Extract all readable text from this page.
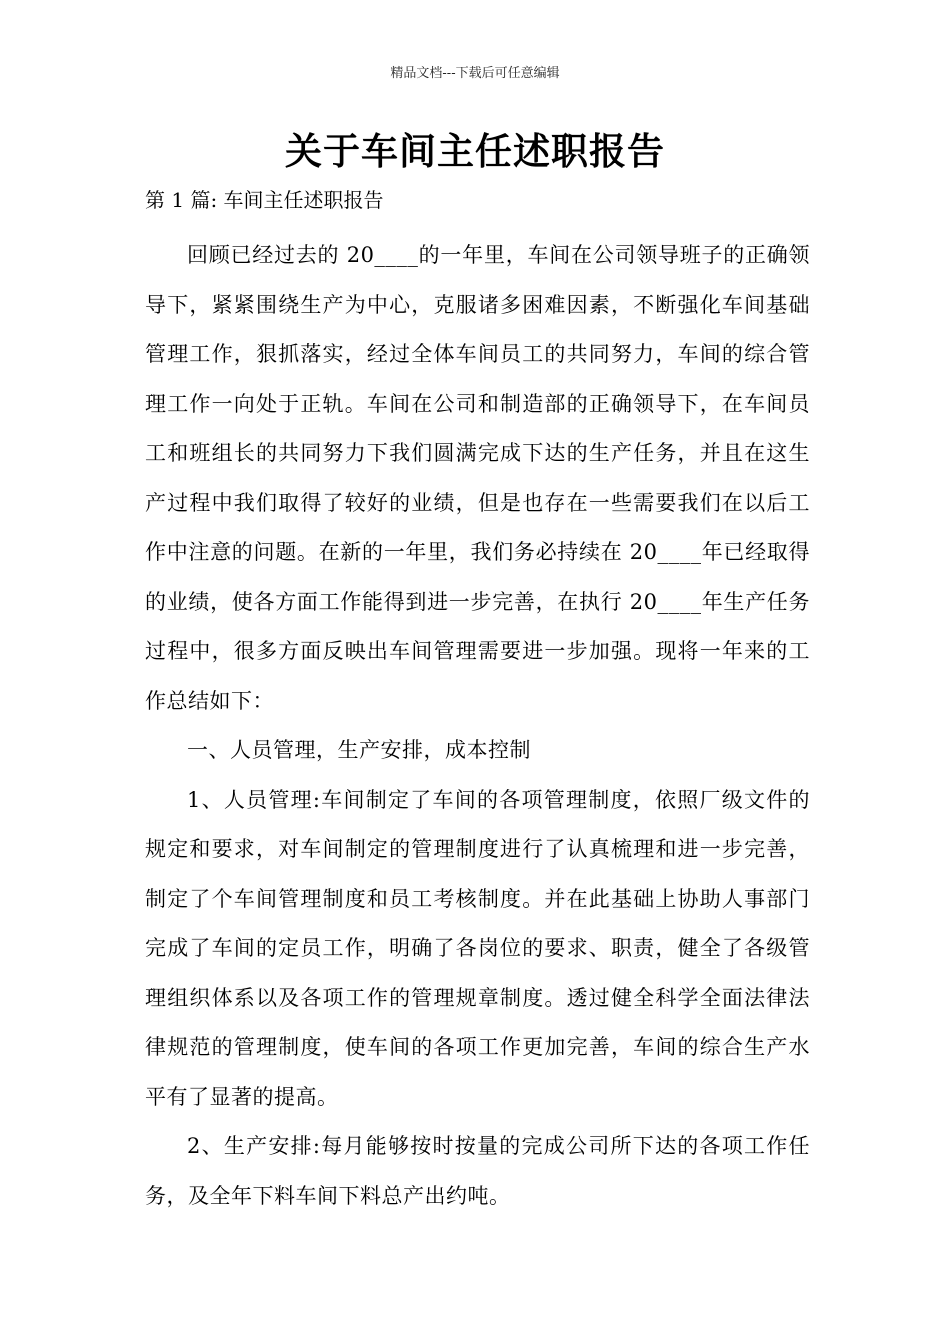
精品文档---下载后可任意编辑
关于车间主任述职报告
第 1 篇: 车间主任述职报告

回顾已经过去的 20____的一年里，车间在公司领导班子的正确领导下，紧紧围绕生产为中心，克服诸多困难因素，不断强化车间基础管理工作，狠抓落实，经过全体车间员工的共同努力，车间的综合管理工作一向处于正轨。车间在公司和制造部的正确领导下，在车间员工和班组长的共同努力下我们圆满完成下达的生产任务，并且在这生产过程中我们取得了较好的业绩，但是也存在一些需要我们在以后工作中注意的问题。在新的一年里，我们务必持续在 20____年已经取得的业绩，使各方面工作能得到进一步完善，在执行 20____年生产任务过程中，很多方面反映出车间管理需要进一步加强。现将一年来的工作总结如下：

一、人员管理，生产安排，成本控制

1、人员管理:车间制定了车间的各项管理制度，依照厂级文件的规定和要求，对车间制定的管理制度进行了认真梳理和进一步完善，制定了个车间管理制度和员工考核制度。并在此基础上协助人事部门完成了车间的定员工作，明确了各岗位的要求、职责，健全了各级管理组织体系以及各项工作的管理规章制度。透过健全科学全面法律法律规范的管理制度，使车间的各项工作更加完善，车间的综合生产水平有了显著的提高。

2、生产安排:每月能够按时按量的完成公司所下达的各项工作任务，及全年下料车间下料总产出约吨。
